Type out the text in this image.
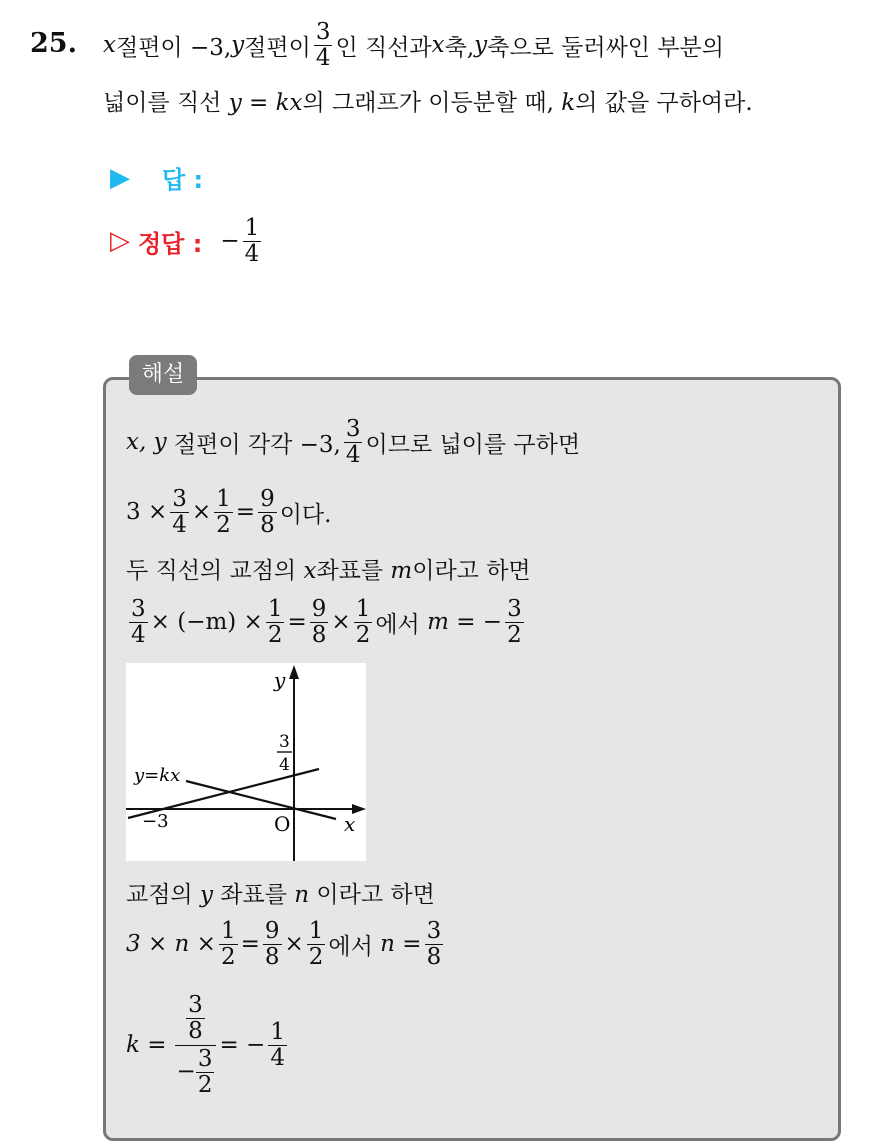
25. x 절편이 −3, y 절편이 $\frac{3}{4}$ 인 직선과 x 축, y 축으로 둘러싸인 부분의
넓이를 직선 y = kx의 그래프가 이등분할 때, k의 값을 구하여라.
▶ 답 :
▷ 정답 : − $\frac{1}{4}$
해설
x, y
절편이 각각 −3, $\frac{3}{4}$ 이므로 넓이를 구하면
$3 \times \frac{3}{4} \times \frac{1}{2} = \frac{9}{8}$ 이다.
두 직선의 교점의 x좌표를 m이라고 하면
$\frac{3}{4} \times (-m) \times \frac{1}{2} = \frac{9}{8} \times \frac{1}{2}$ 에서
m = − $\frac{3}{2}$
y
x
O
−3
3
4
y=kx
교점의 y 좌표를 n 이라고 하면
$3 \times n \times \frac{1}{2} = \frac{9}{8} \times \frac{1}{2}$ 에서
$n = \frac{3}{8}$
$k = \frac{\frac{3}{8}}{- \frac{3}{2}}$ = − $\frac{1}{4}$
